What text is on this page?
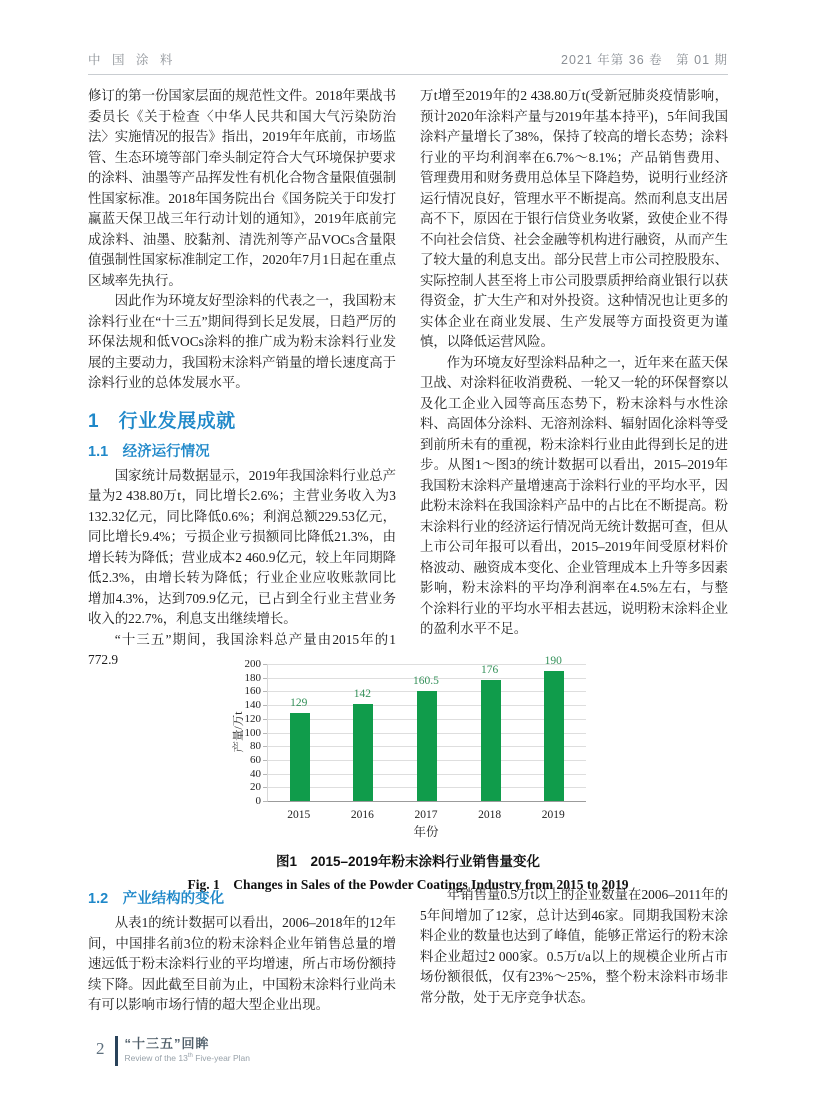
中 国 涂 料	2021 年第 36 卷　第 01 期

修订的第一份国家层面的规范性文件。2018年栗战书委员长《关于检查〈中华人民共和国大气污染防治法〉实施情况的报告》指出，2019年年底前，市场监管、生态环境等部门牵头制定符合大气环境保护要求的涂料、油墨等产品挥发性有机化合物含量限值强制性国家标准。2018年国务院出台《国务院关于印发打赢蓝天保卫战三年行动计划的通知》，2019年底前完成涂料、油墨、胶黏剂、清洗剂等产品VOCs含量限值强制性国家标准制定工作，2020年7月1日起在重点区域率先执行。

因此作为环境友好型涂料的代表之一，我国粉末涂料行业在“十三五”期间得到长足发展，日趋严厉的环保法规和低VOCs涂料的推广成为粉末涂料行业发展的主要动力，我国粉末涂料产销量的增长速度高于涂料行业的总体发展水平。

1　行业发展成就
1.1　经济运行情况

国家统计局数据显示，2019年我国涂料行业总产量为2 438.80万t，同比增长2.6%；主营业务收入为3 132.32亿元，同比降低0.6%；利润总额229.53亿元，同比增长9.4%；亏损企业亏损额同比降低21.3%，由增长转为降低；营业成本2 460.9亿元，较上年同期降低2.3%，由增长转为降低；行业企业应收账款同比增加4.3%，达到709.9亿元，已占到全行业主营业务收入的22.7%，利息支出继续增长。

“十三五”期间，我国涂料总产量由2015年的1 772.9

万t增至2019年的2 438.80万t(受新冠肺炎疫情影响，预计2020年涂料产量与2019年基本持平)，5年间我国涂料产量增长了38%，保持了较高的增长态势；涂料行业的平均利润率在6.7%～8.1%；产品销售费用、管理费用和财务费用总体呈下降趋势，说明行业经济运行情况良好，管理水平不断提高。然而利息支出居高不下，原因在于银行信贷业务收紧，致使企业不得不向社会信贷、社会金融等机构进行融资，从而产生了较大量的利息支出。部分民营上市公司控股股东、实际控制人甚至将上市公司股票质押给商业银行以获得资金，扩大生产和对外投资。这种情况也让更多的实体企业在商业发展、生产发展等方面投资更为谨慎，以降低运营风险。

作为环境友好型涂料品种之一，近年来在蓝天保卫战、对涂料征收消费税、一轮又一轮的环保督察以及化工企业入园等高压态势下，粉末涂料与水性涂料、高固体分涂料、无溶剂涂料、辐射固化涂料等受到前所未有的重视，粉末涂料行业由此得到长足的进步。从图1～图3的统计数据可以看出，2015–2019年我国粉末涂料产量增速高于涂料行业的平均水平，因此粉末涂料在我国涂料产品中的占比在不断提高。粉末涂料行业的经济运行情况尚无统计数据可查，但从上市公司年报可以看出，2015–2019年间受原材料价格波动、融资成本变化、企业管理成本上升等多因素影响，粉末涂料的平均净利润率在4.5%左右，与整个涂料行业的平均水平相去甚远，说明粉末涂料企业的盈利水平不足。

产量/万t
0
20
40
60
80
100
120
140
160
180
200
129
2015
142
2016
160.5
2017
176
2018
190
2019
年份
图1　2015–2019年粉末涂料行业销售量变化
Fig. 1　Changes in Sales of the Powder Coatings Industry from 2015 to 2019
1.2　产业结构的变化

从表1的统计数据可以看出，2006–2018年的12年间，中国排名前3位的粉末涂料企业年销售总量的增速远低于粉末涂料行业的平均增速，所占市场份额持续下降。因此截至目前为止，中国粉末涂料行业尚未有可以影响市场行情的超大型企业出现。

年销售量0.5万t以上的企业数量在2006–2011年的5年间增加了12家，总计达到46家。同期我国粉末涂料企业的数量也达到了峰值，能够正常运行的粉末涂料企业超过2 000家。0.5万t/a以上的规模企业所占市场份额很低，仅有23%～25%，整个粉末涂料市场非常分散，处于无序竞争状态。

2 “十三五”回眸
Review of the 13th Five-year Plan
